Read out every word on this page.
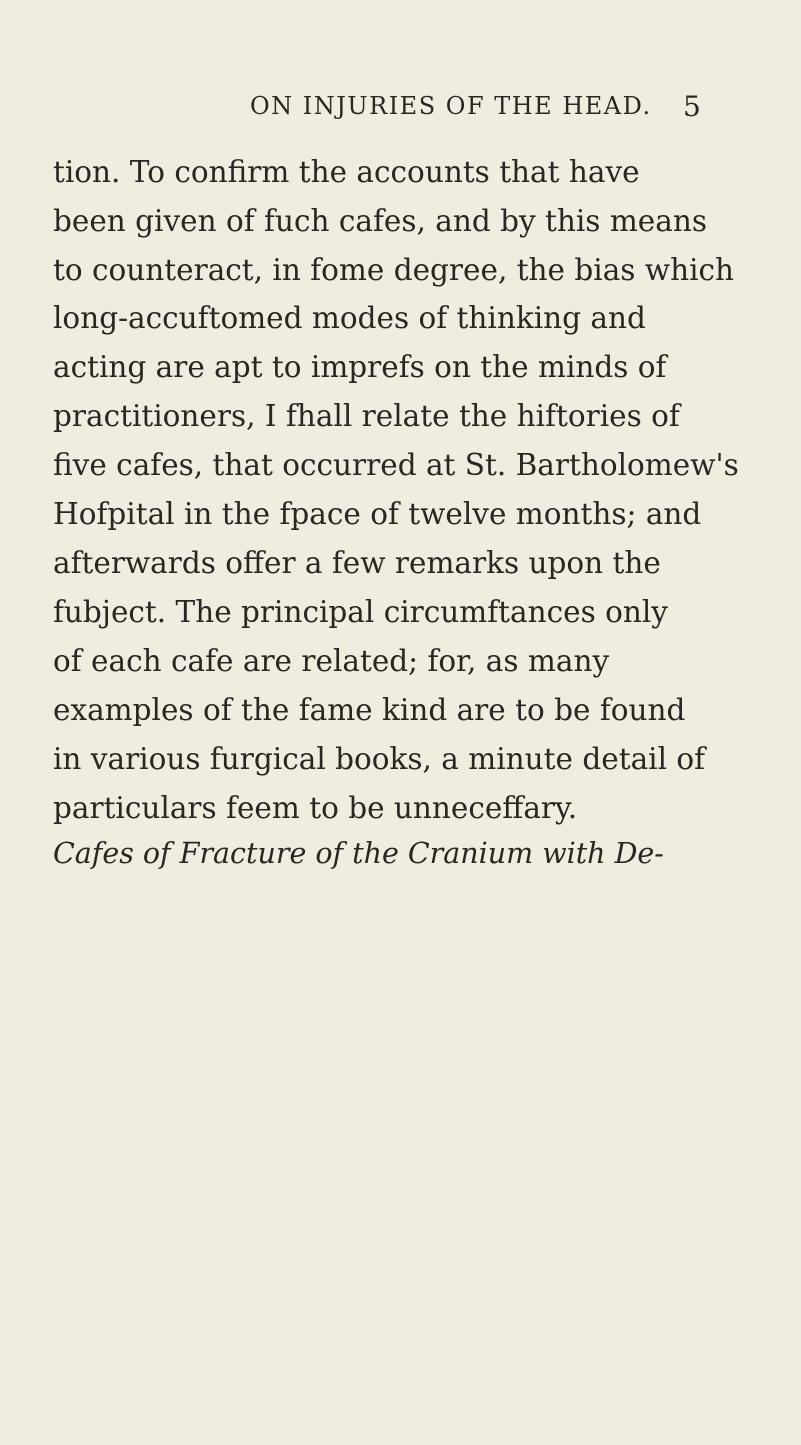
ON INJURIES OF THE HEAD. 5
tion. To confirm the accounts that have
been given of fuch cafes, and by this means
to counteract, in fome degree, the bias which
long-accuftomed modes of thinking and
acting are apt to imprefs on the minds of
practitioners, I fhall relate the hiftories of
five cafes, that occurred at St. Bartholomew's
Hofpital in the fpace of twelve months; and
afterwards offer a few remarks upon the
fubject. The principal circumftances only
of each cafe are related; for, as many
examples of the fame kind are to be found
in various furgical books, a minute detail of
particulars feem to be unneceffary.
Cafes of Fracture of the Cranium with De-
